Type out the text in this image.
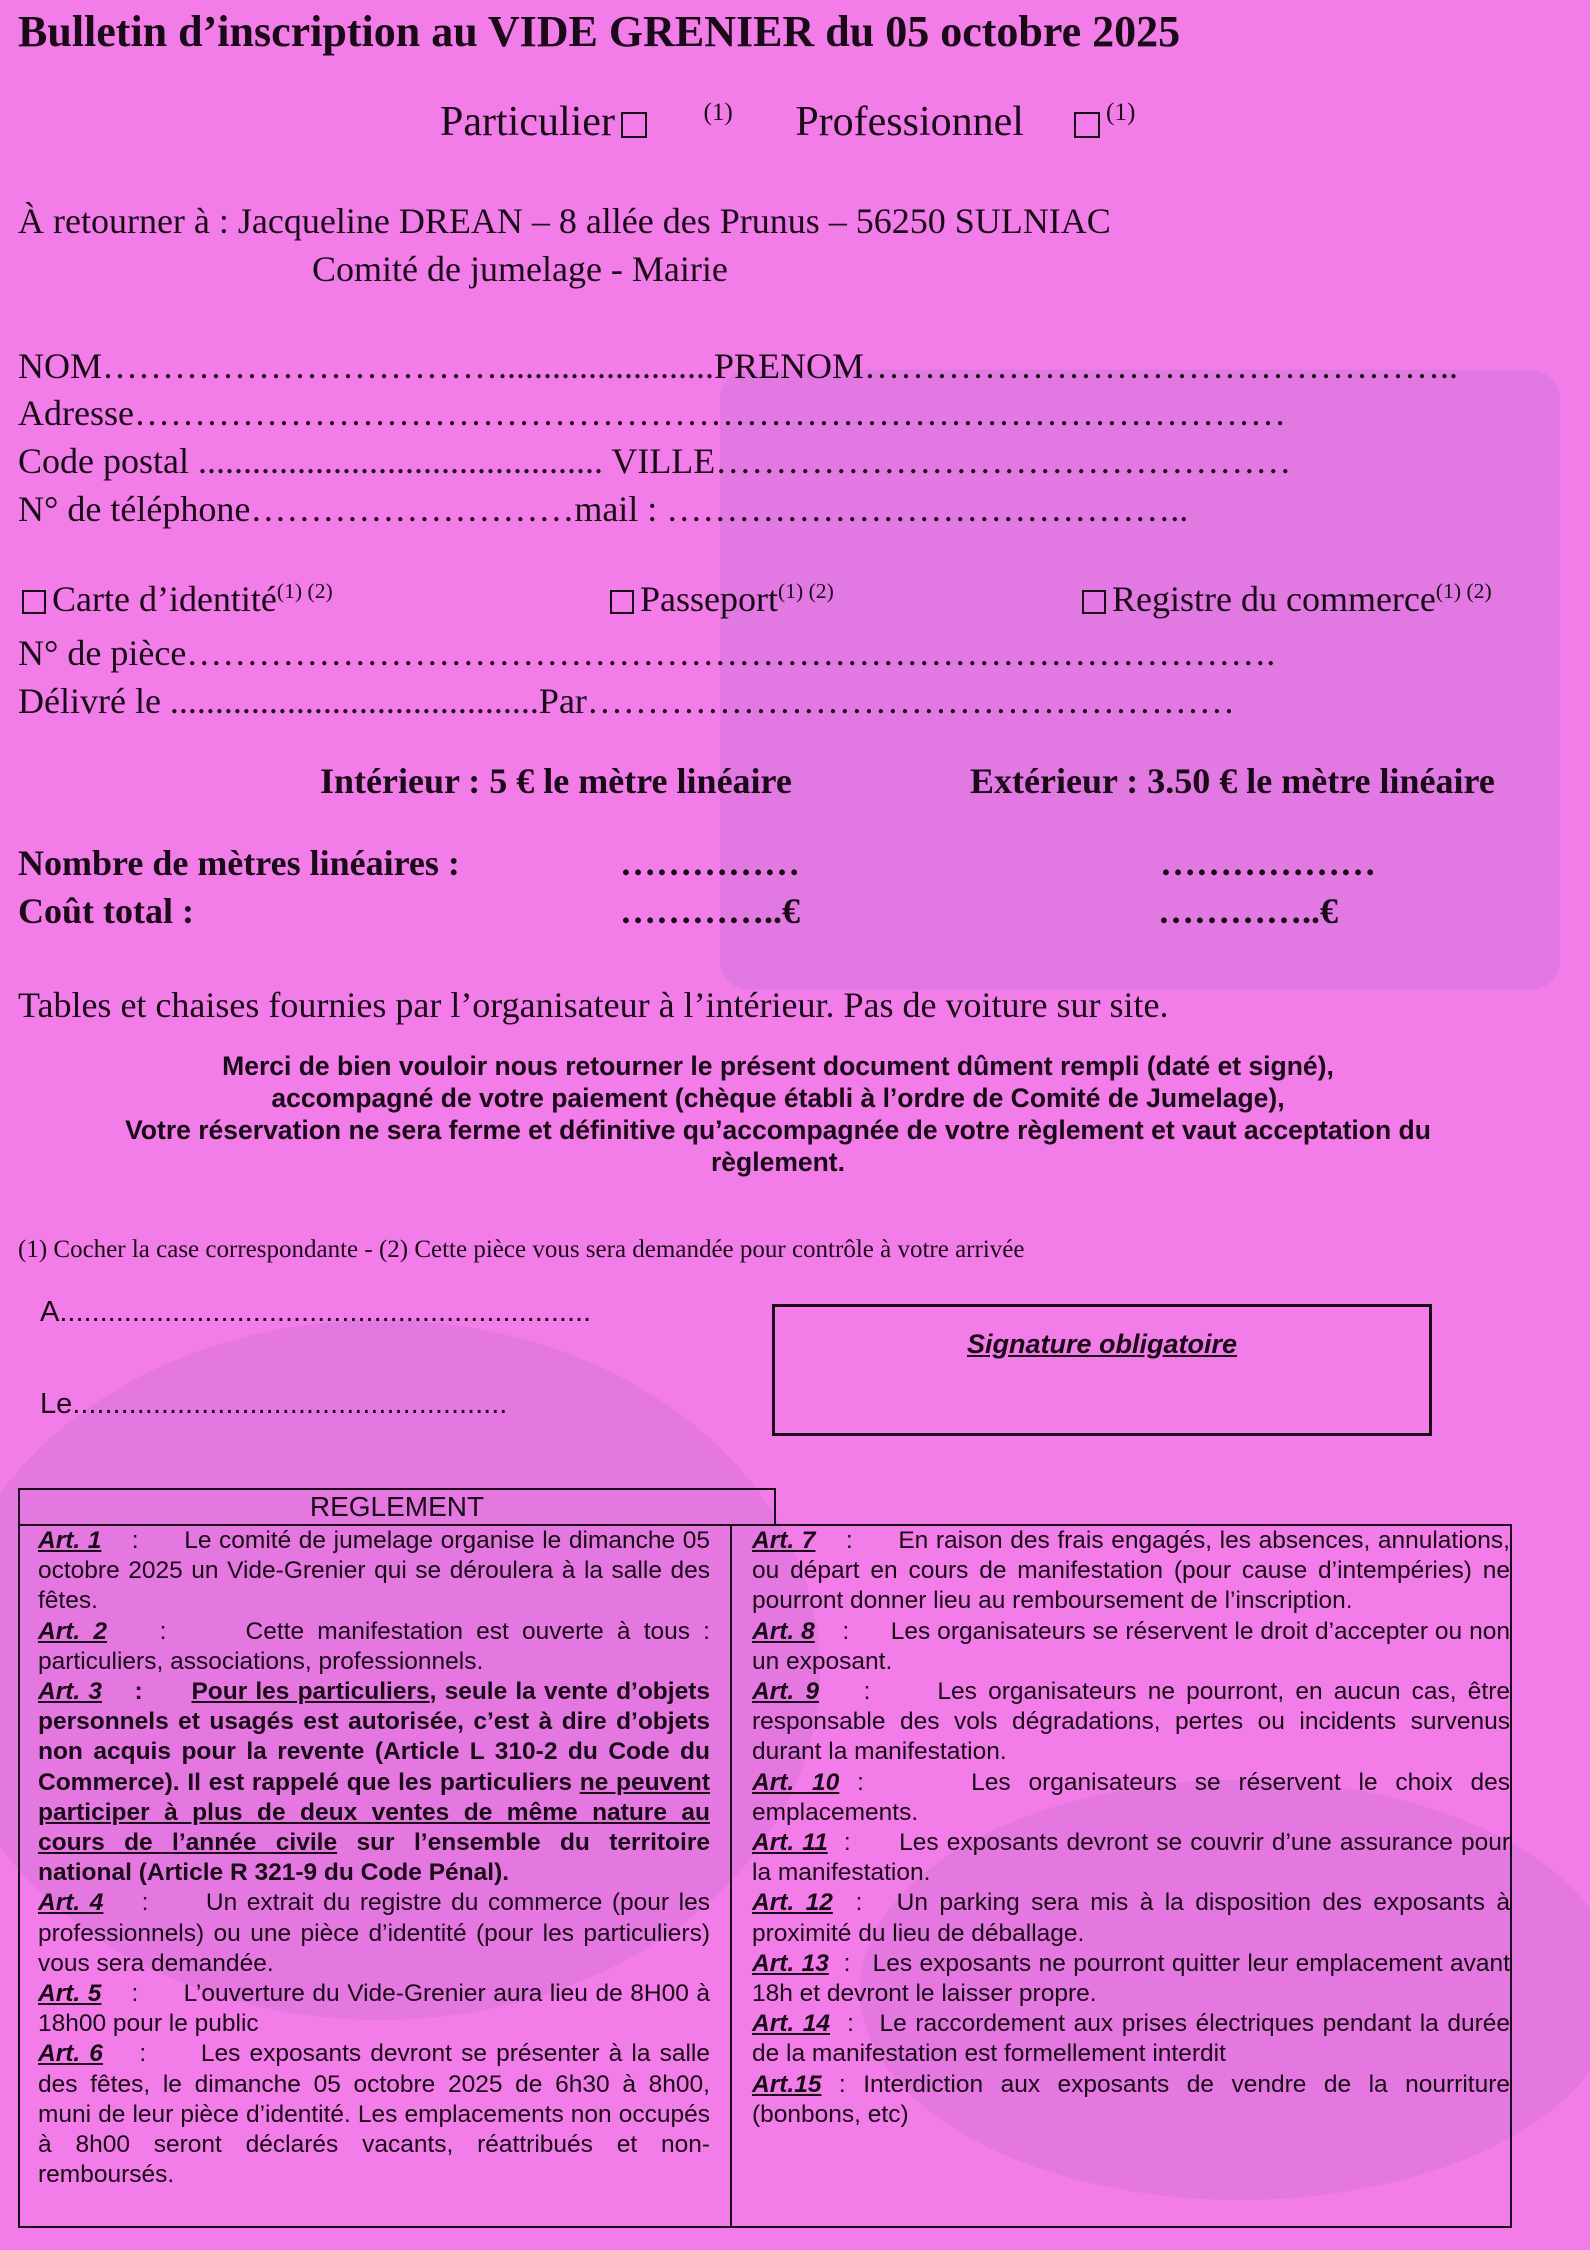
Bulletin d’inscription au VIDE GRENIER du 05 octobre 2025
Particulier	$^{(1)}$ Professionnel	$^{(1)}$
À retourner à : Jacqueline DREAN – 8 allée des Prunus – 56250 SULNIAC
Comité de jumelage - Mairie
NOM……………………………........................PRENOM…………………………………………..
Adresse……………………………………………………………………………………
Code postal ............................................. VILLE…………………………………………
N° de téléphone………………………mail : ……………………………………..
Carte d’identité$^{(1) (2)}$	Passeport$^{(1) (2)}$	Registre du commerce$^{(1) (2)}$
N° de pièce……………………………………………………………………………….
Délivré le .........................................Par………………………………………………
Intérieur : 5 € le mètre linéaire	Extérieur : 3.50 € le mètre linéaire
Nombre de mètres linéaires :	……………	………………
Coût total :	…………..€	…………..€
Tables et chaises fournies par l’organisateur à l’intérieur. Pas de voiture sur site.
Merci de bien vouloir nous retourner le présent document dûment rempli (daté et signé),
accompagné de votre paiement (chèque établi à l’ordre de Comité de Jumelage),
Votre réservation ne sera ferme et définitive qu’accompagnée de votre règlement et vaut acceptation du
règlement.
(1) Cocher la case correspondante - (2) Cette pièce vous sera demandée pour contrôle à votre arrivée
A..................................................................
Le......................................................
Signature obligatoire
REGLEMENT
Art. 1    :      Le comité de jumelage organise le dimanche 05 octobre 2025 un Vide-Grenier qui se déroulera à la salle des fêtes.
Art. 2    :      Cette manifestation est ouverte à tous : particuliers, associations, professionnels.
Art. 3    :      Pour les particuliers, seule la vente d’objets personnels et usagés est autorisée, c’est à dire d’objets non acquis pour la revente (Article L 310-2 du Code du Commerce). Il est rappelé que les particuliers ne peuvent participer à plus de deux ventes de même nature au cours de l’année civile sur l’ensemble du territoire national (Article R 321-9 du Code Pénal).
Art. 4    :      Un extrait du registre du commerce (pour les professionnels) ou une pièce d’identité (pour les particuliers) vous sera demandée.
Art. 5    :      L’ouverture du Vide-Grenier aura lieu de 8H00 à 18h00 pour le public
Art. 6    :      Les exposants devront se présenter à la salle des fêtes, le dimanche 05 octobre 2025 de 6h30 à 8h00, muni de leur pièce d’identité. Les emplacements non occupés à 8h00 seront déclarés vacants, réattribués et non-remboursés.
Art. 7    :      En raison des frais engagés, les absences, annulations, ou départ en cours de manifestation (pour cause d’intempéries) ne pourront donner lieu au remboursement de l’inscription.
Art. 8    :      Les organisateurs se réservent le droit d’accepter ou non un exposant.
Art. 9    :      Les organisateurs ne pourront, en aucun cas, être responsable des vols dégradations, pertes ou incidents survenus durant la manifestation.
Art. 10 :      Les organisateurs se réservent le choix des emplacements.
Art. 11  :      Les exposants devront se couvrir d’une assurance pour la manifestation.
Art. 12  :   Un parking sera mis à la disposition des exposants à proximité du lieu de déballage.
Art. 13  :   Les exposants ne pourront quitter leur emplacement avant 18h et devront le laisser propre.
Art. 14  :   Le raccordement aux prises électriques pendant la durée de la manifestation est formellement interdit
Art.15 : Interdiction aux exposants de vendre de la nourriture (bonbons, etc)
